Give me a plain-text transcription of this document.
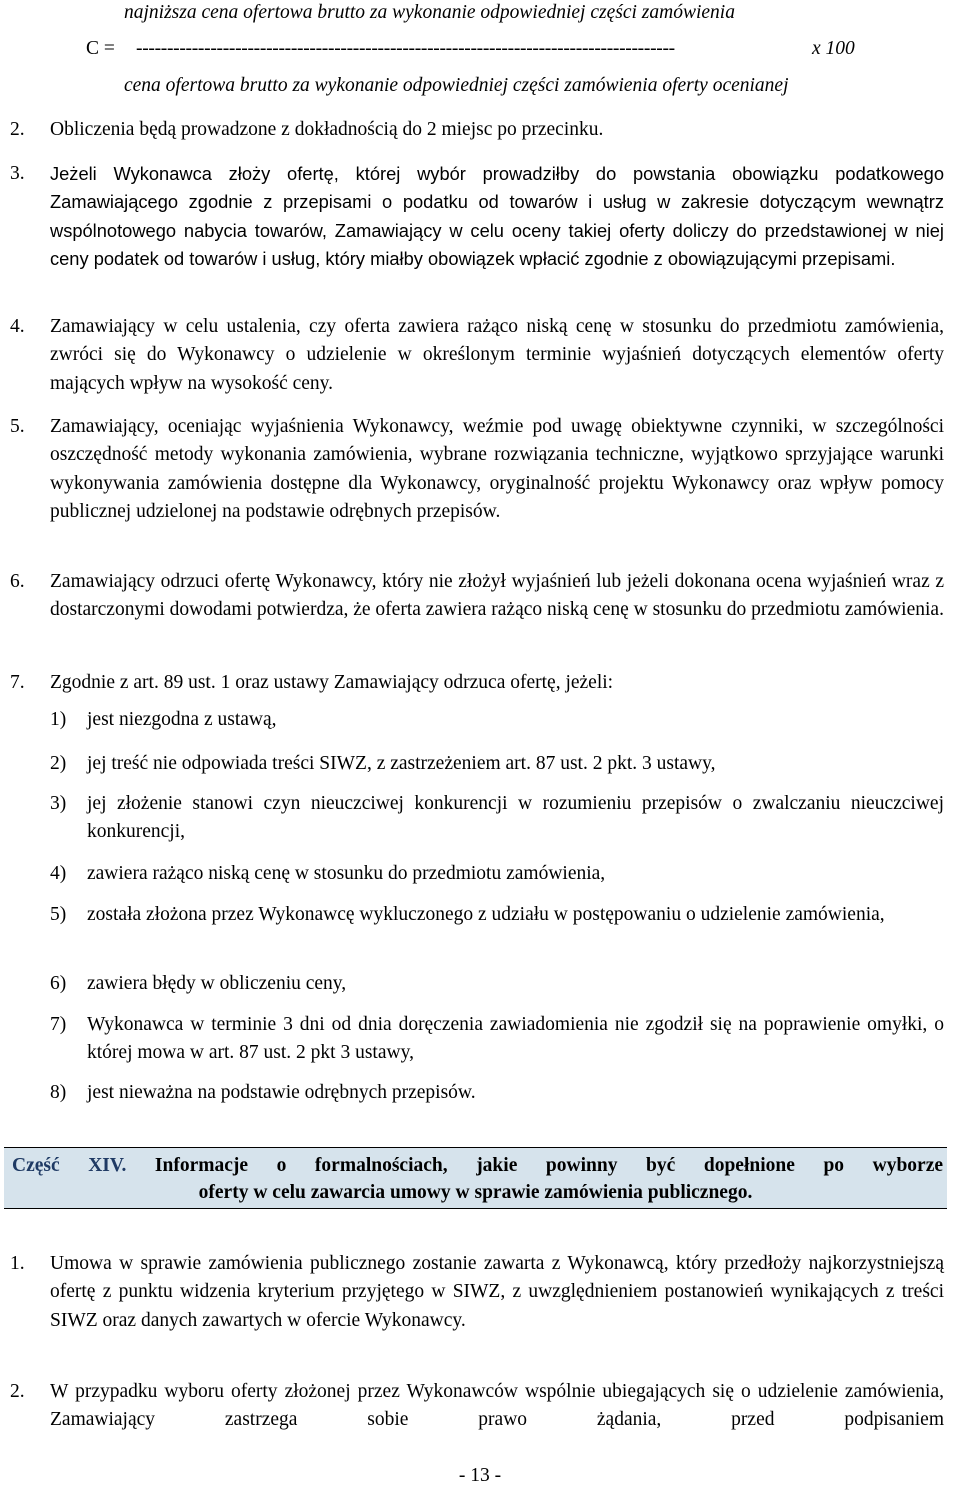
najniższa cena ofertowa brutto za wykonanie odpowiedniej części zamówienia
C = ---------------------------------------------------------------------------------------	x 100
cena ofertowa brutto za wykonanie odpowiedniej części zamówienia oferty ocenianej
2. Obliczenia będą prowadzone z dokładnością do 2 miejsc po przecinku.
3. Jeżeli Wykonawca złoży ofertę, której wybór prowadziłby do powstania obowiązku podatkowego Zamawiającego zgodnie z przepisami o podatku od towarów i usług w zakresie dotyczącym wewnątrz wspólnotowego nabycia towarów, Zamawiający w celu oceny takiej oferty doliczy do przedstawionej w niej ceny podatek od towarów i usług, który miałby obowiązek wpłacić zgodnie z obowiązującymi przepisami.
4. Zamawiający w celu ustalenia, czy oferta zawiera rażąco niską cenę w stosunku do przedmiotu zamówienia, zwróci się do Wykonawcy o udzielenie w określonym terminie wyjaśnień dotyczących elementów oferty mających wpływ na wysokość ceny.
5. Zamawiający, oceniając wyjaśnienia Wykonawcy, weźmie pod uwagę obiektywne czynniki, w szczególności oszczędność metody wykonania zamówienia, wybrane rozwiązania techniczne, wyjątkowo sprzyjające warunki wykonywania zamówienia dostępne dla Wykonawcy, oryginalność projektu Wykonawcy oraz wpływ pomocy publicznej udzielonej na podstawie odrębnych przepisów.
6. Zamawiający odrzuci ofertę Wykonawcy, który nie złożył wyjaśnień lub jeżeli dokonana ocena wyjaśnień wraz z dostarczonymi dowodami potwierdza, że oferta zawiera rażąco niską cenę w stosunku do przedmiotu zamówienia.
7. Zgodnie z art. 89 ust. 1 oraz ustawy Zamawiający odrzuca ofertę, jeżeli:
1) jest niezgodna z ustawą,
2) jej treść nie odpowiada treści SIWZ, z zastrzeżeniem art. 87 ust. 2 pkt. 3 ustawy,
3) jej złożenie stanowi czyn nieuczciwej konkurencji w rozumieniu przepisów o zwalczaniu nieuczciwej konkurencji,
4) zawiera rażąco niską cenę w stosunku do przedmiotu zamówienia,
5) została złożona przez Wykonawcę wykluczonego z udziału w postępowaniu o udzielenie zamówienia,
6) zawiera błędy w obliczeniu ceny,
7) Wykonawca w terminie 3 dni od dnia doręczenia zawiadomienia nie zgodził się na poprawienie omyłki, o której mowa w art. 87 ust. 2 pkt 3 ustawy,
8) jest nieważna na podstawie odrębnych przepisów.
Część XIV. Informacje o formalnościach, jakie powinny być dopełnione po wyborze
oferty w celu zawarcia umowy w sprawie zamówienia publicznego.
1. Umowa w sprawie zamówienia publicznego zostanie zawarta z Wykonawcą, który przedłoży najkorzystniejszą ofertę z punktu widzenia kryterium przyjętego w SIWZ, z uwzględnieniem postanowień wynikających z treści SIWZ oraz danych zawartych w ofercie Wykonawcy.
2. W przypadku wyboru oferty złożonej przez Wykonawców wspólnie ubiegających się o udzielenie zamówienia, Zamawiający zastrzega sobie prawo żądania, przed podpisaniem
- 13 -
